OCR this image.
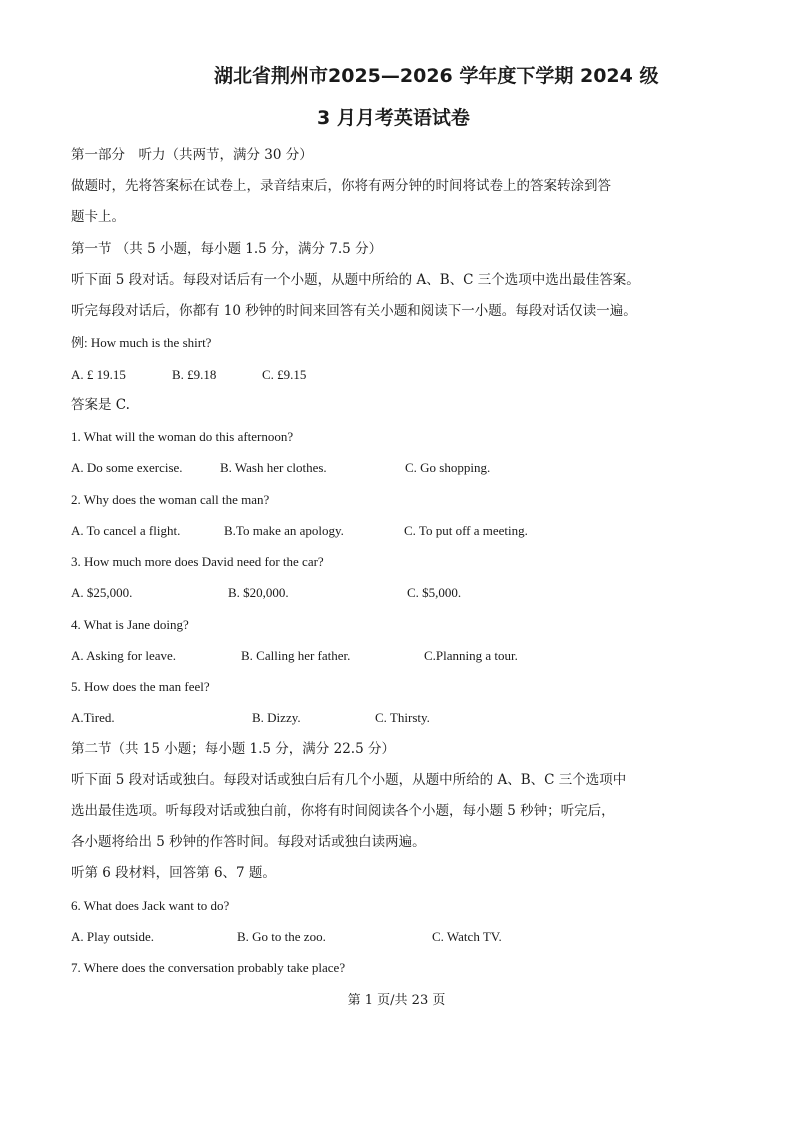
湖北省荆州市2025—2026 学年度下学期 2024 级
3 月月考英语试卷
第一部分　听力（共两节，满分 30 分）
做题时，先将答案标在试卷上，录音结束后，你将有两分钟的时间将试卷上的答案转涂到答
题卡上。
第一节 （共 5 小题，每小题 1.5 分，满分 7.5 分）
听下面 5 段对话。每段对话后有一个小题，从题中所给的 A、B、C 三个选项中选出最佳答案。
听完每段对话后，你都有 10 秒钟的时间来回答有关小题和阅读下一小题。每段对话仅读一遍。
例: How much is the shirt?
A. £ 19.15	B. £9.18	C. £9.15
答案是 C.
1. What will the woman do this afternoon?
A. Do some exercise.	B. Wash her clothes.	C. Go shopping.
2. Why does the woman call the man?
A. To cancel a flight.	B.To make an apology.	C. To put off a meeting.
3. How much more does David need for the car?
A. $25,000.	B. $20,000.	C. $5,000.
4. What is Jane doing?
A. Asking for leave.	B. Calling her father.	C.Planning a tour.
5. How does the man feel?
A.Tired.	B. Dizzy.	C. Thirsty.
第二节（共 15 小题；每小题 1.5 分，满分 22.5 分）
听下面 5 段对话或独白。每段对话或独白后有几个小题，从题中所给的 A、B、C 三个选项中
选出最佳选项。听每段对话或独白前，你将有时间阅读各个小题，每小题 5 秒钟；听完后，
各小题将给出 5 秒钟的作答时间。每段对话或独白读两遍。
听第 6 段材料，回答第 6、7 题。
6. What does Jack want to do?
A. Play outside.	B. Go to the zoo.	C. Watch TV.
7. Where does the conversation probably take place?
第 1 页/共 23 页
